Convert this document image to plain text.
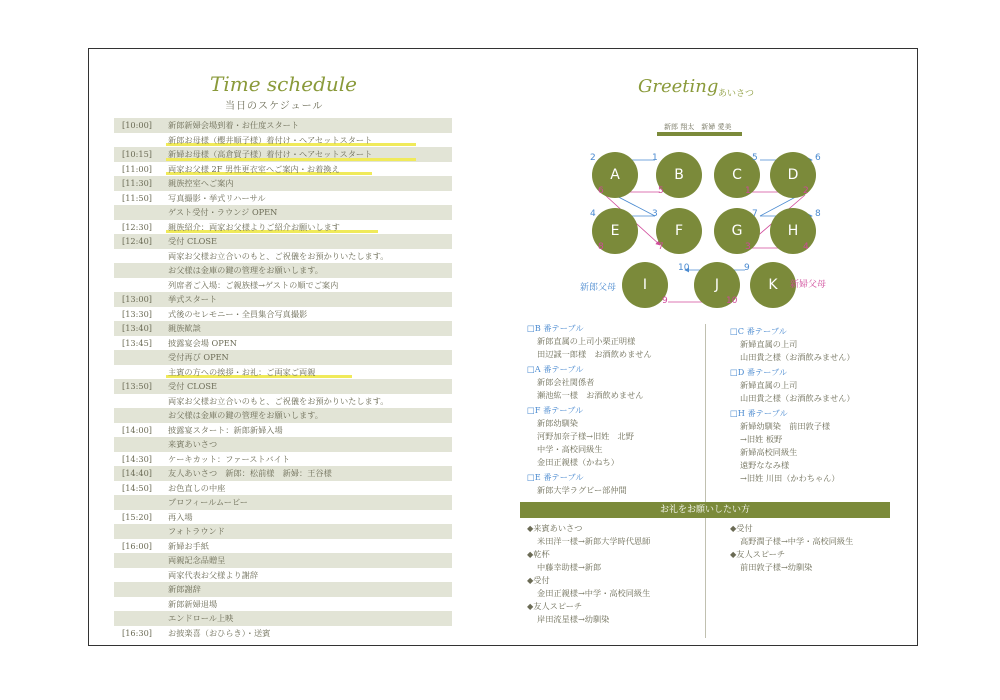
Time schedule
当日のスケジュール
[10:00] 新郎新婦会場到着・お仕度スタート
新郎お母様（櫻井順子様）着付け・ヘアセットスタート
[10:15] 新婦お母様（高倉貿子様）着付け・ヘアセットスタート
[11:00] 両家お父様 2F 男性更衣室へご案内・お着換え
[11:30] 親族控室へご案内
[11:50] 写真撮影・挙式リハーサル
ゲスト受付・ラウンジ OPEN
[12:30] 親族紹介：両家お父様よりご紹介お願いします
[12:40] 受付 CLOSE
両家お父様お立合いのもと、ご祝儀をお預かりいたします。
お父様は金庫の鍵の管理をお願いします。
列席者ご入場：ご親族様→ゲストの順でご案内
[13:00] 挙式スタート
[13:30] 式後のセレモニー・全員集合写真撮影
[13:40] 親族歓談
[13:45] 披露宴会場 OPEN
受付再び OPEN
主賓の方への挨拶・お礼：ご両家ご両親
[13:50] 受付 CLOSE
両家お父様お立合いのもと、ご祝儀をお預かりいたします。
お父様は金庫の鍵の管理をお願いします。
[14:00] 披露宴スタート：新郎新婦入場
来賓あいさつ
[14:30] ケーキカット：ファーストバイト
[14:40] 友人あいさつ　新郎：松前様　新婦：王谷様
[14:50] お色直しの中座
プロフィールムービー
[15:20] 再入場
フォトラウンド
[16:00] 新婦お手紙
両親記念品贈呈
両家代表お父様より謝辞
新郎謝辞
新郎新婦退場
エンドロール上映
[16:30] お披楽喜（おひらき）・送賓
Greeting あいさつ
新郎 翔太　新婦 愛美
A	B	C	D
E	F	G	H
I	J	K
新郎父母	新婦父母
1
2
3
4
5	6
7	8
9
10
5
6
7
8
1	2
3	4
9	10
□B 番テーブル
新郎直属の上司小栗正明様
田辺誠一郎様　お酒飲めません
□A 番テーブル
新郎会社関係者
瀬池紘一様　お酒飲めません
□F 番テーブル
新郎幼馴染
河野加奈子様→旧姓　北野
中学・高校同級生
金田正親様（かねち）
□E 番テーブル
新郎大学ラグビー部仲間
□C 番テーブル
新婦直属の上司
山田貴之様（お酒飲みません）
□D 番テーブル
新婦直属の上司
山田貴之様（お酒飲みません）
□H 番テーブル
新婦幼馴染　前田敦子様
→旧姓 板野
新婦高校同級生
遠野ななみ様
→旧姓 川田（かわちゃん）
お礼をお願いしたい方
◆来賓あいさつ
米田洋一様→新郎大学時代恩師
◆乾杯
中藤幸助様→新郎
◆受付
金田正親様→中学・高校同級生
◆友人スピーチ
岸田流星様→幼馴染
◆受付
高野潤子様→中学・高校同級生
◆友人スピーチ
前田敦子様→幼馴染
